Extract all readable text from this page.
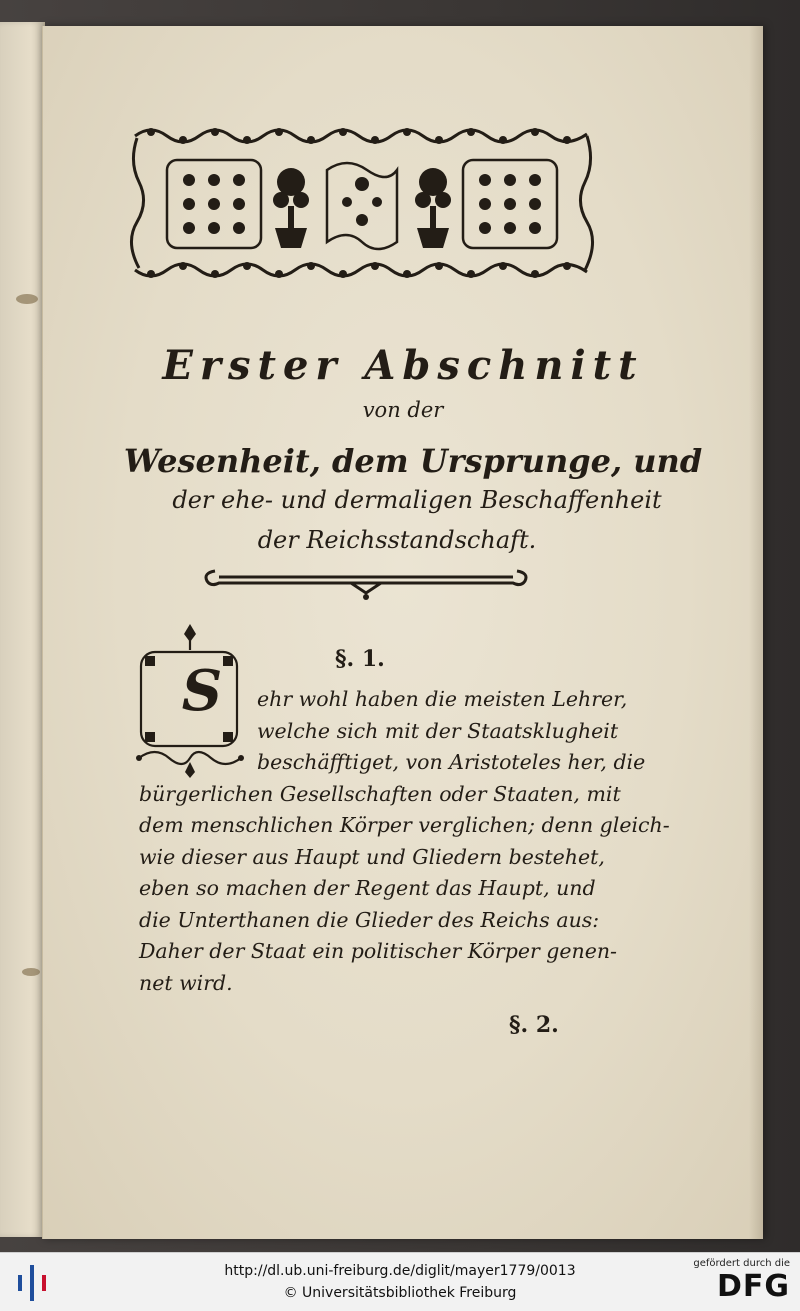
Erster Abschnitt
von der
Wesenheit, dem Ursprunge, und
der ehe- und dermaligen Beschaffenheit
der Reichsstandschaft.
§. 1.
S	ehr wohl haben die meisten Lehrer,
welche sich mit der Staatsklugheit
beschäfftiget, von Aristoteles her, die
bürgerlichen Gesellschaften oder Staaten, mit
dem menschlichen Körper verglichen; denn gleich-
wie dieser aus Haupt und Gliedern bestehet,
eben so machen der Regent das Haupt, und
die Unterthanen die Glieder des Reichs aus:
Daher der Staat ein politischer Körper genen-
net wird.
§. 2.
http://dl.ub.uni-freiburg.de/diglit/mayer1779/0013
© Universitätsbibliothek Freiburg
gefördert durch die
DFG
